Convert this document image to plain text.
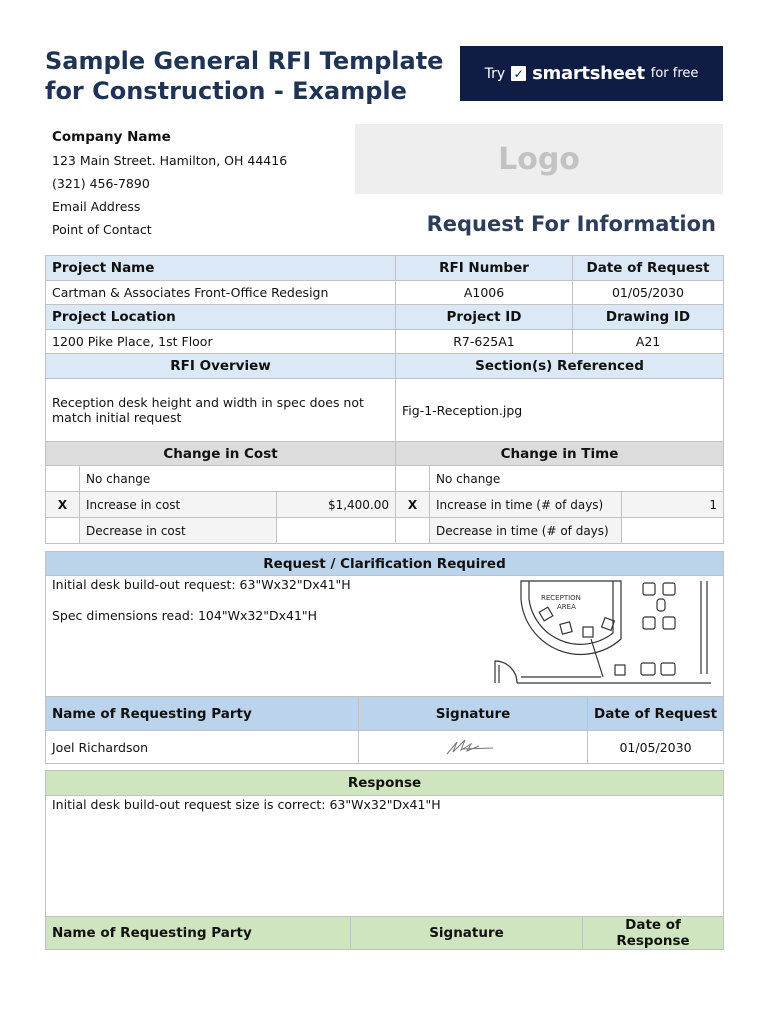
Sample General RFI Template
for Construction - Example
Try ✓ smartsheet for free
Company Name
123 Main Street. Hamilton, OH 44416
(321) 456-7890
Email Address
Point of Contact
Logo
Request For Information
Project Name	RFI Number	Date of Request
Cartman & Associates Front-Office Redesign	A1006	01/05/2030
Project Location	Project ID	Drawing ID
1200 Pike Place, 1st Floor	R7-625A1	A21
RFI Overview	Section(s) Referenced	
Reception desk height and width in spec does not match initial request	Fig-1-Reception.jpg	
Change in Cost	Change in Time	
	No change			No change	
X	Increase in cost	$1,400.00	X	Increase in time (# of days)	1
	Decrease in cost			Decrease in time (# of days)	
Request / Clarification Required		

Initial desk build-out request: 63"Wx32"Dx41"H
Spec dimensions read: 104"Wx32"Dx41"H
RECEPTION
AREA		

Name of Requesting Party	Signature	Date of Request
Joel Richardson		01/05/2030
Response
Initial desk build-out request size is correct: 63"Wx32"Dx41"H
Name of Requesting Party	Signature	Date of Response
